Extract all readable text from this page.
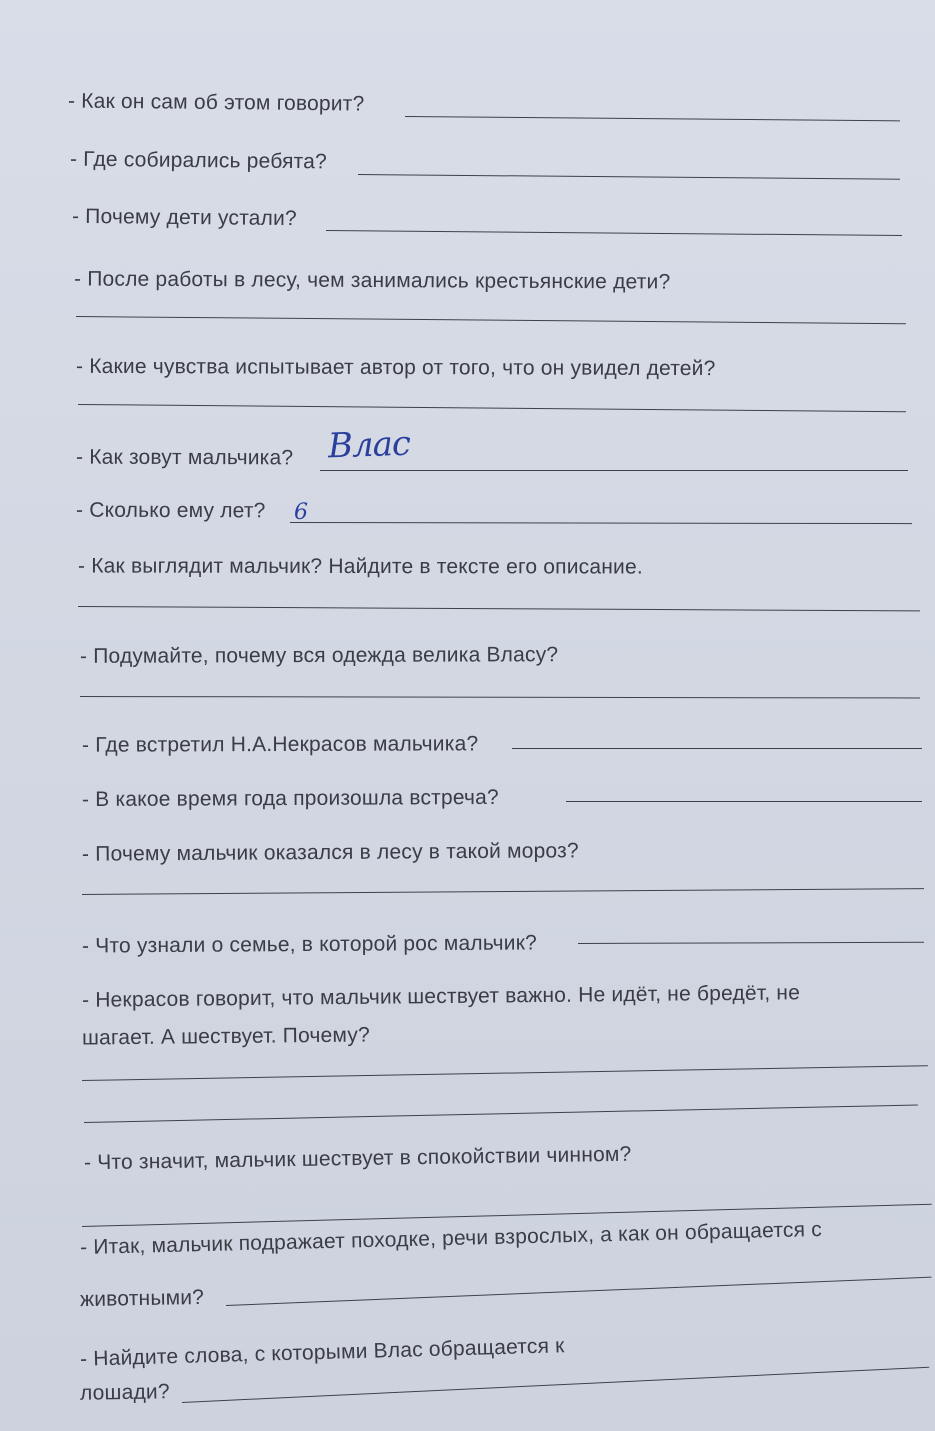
- Как он сам об этом говорит?
- Где собирались ребята?
- Почему дети устали?
- После работы в лесу, чем занимались крестьянские дети?
- Какие чувства испытывает автор от того, что он увидел детей?
- Как зовут мальчика? Влас
- Сколько ему лет? 6
- Как выглядит мальчик? Найдите в тексте его описание.
- Подумайте, почему вся одежда велика Власу?
- Где встретил Н.А.Некрасов мальчика?
- В какое время года произошла встреча?
- Почему мальчик оказался в лесу в такой мороз?
- Что узнали о семье, в которой рос мальчик?
- Некрасов говорит, что мальчик шествует важно. Не идёт, не бредёт, не
шагает. А шествует. Почему?
- Что значит, мальчик шествует в спокойствии чинном?
- Итак, мальчик подражает походке, речи взрослых, а как он обращается с
животными?
- Найдите слова, с которыми Влас обращается к
лошади?
